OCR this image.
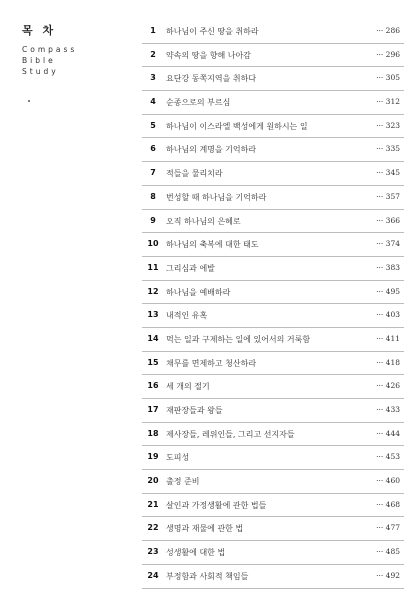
목 차
Compass
Bible
Study
1	하나님이 주신 땅을 취하라	··· 286
2	약속의 땅을 향해 나아감	··· 296
3	요단강 동쪽지역을 취하다	··· 305
4	순종으로의 부르심	··· 312
5	하나님이 이스라엘 백성에게 원하시는 일	··· 323
6	하나님의 계명을 기억하라	··· 335
7	적들을 물리치라	··· 345
8	번성할 때 하나님을 기억하라	··· 357
9	오직 하나님의 은혜로	··· 366
10 하나님의 축복에 대한 태도	··· 374
11 그리심과 에발	··· 383
12 하나님을 예배하라	··· 495
13 내적인 유혹	··· 403
14 먹는 일과 구제하는 일에 있어서의 거룩함	··· 411
15 채무를 면제하고 청산하라	··· 418
16 세 개의 절기	··· 426
17 재판장들과 왕들	··· 433
18 제사장들, 레위인들, 그리고 선지자들	··· 444
19 도피성	··· 453
20 출정 준비	··· 460
21 살인과 가정생활에 관한 법들	··· 468
22 생명과 재물에 관한 법	··· 477
23 성생활에 대한 법	··· 485
24 부정함과 사회적 책임들	··· 492
